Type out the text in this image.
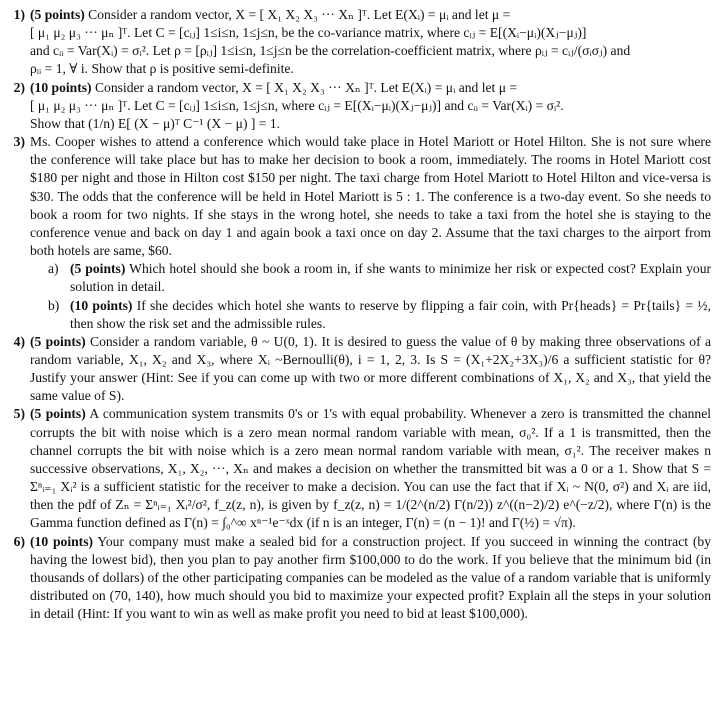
1) (5 points) Consider a random vector, X = [ X₁ X₂ X₃ ··· Xₙ ]ᵀ. Let E(Xᵢ) = μᵢ and let μ =

[ μ₁ μ₂ μ₃ ··· μₙ ]ᵀ. Let C = [cᵢⱼ] 1≤i≤n, 1≤j≤n, be the co-variance matrix, where cᵢⱼ = E[(Xᵢ−μᵢ)(Xⱼ−μⱼ)]

and cᵢᵢ = Var(Xᵢ) = σᵢ². Let ρ = [ρᵢⱼ] 1≤i≤n, 1≤j≤n be the correlation-coefficient matrix, where ρᵢⱼ = cᵢⱼ/(σᵢσⱼ) and

ρᵢᵢ = 1, ∀ i. Show that ρ is positive semi-definite.

2) (10 points) Consider a random vector, X = [ X₁ X₂ X₃ ··· Xₙ ]ᵀ. Let E(Xᵢ) = μᵢ and let μ =

[ μ₁ μ₂ μ₃ ··· μₙ ]ᵀ. Let C = [cᵢⱼ] 1≤i≤n, 1≤j≤n, where cᵢⱼ = E[(Xᵢ−μᵢ)(Xⱼ−μⱼ)] and cᵢᵢ = Var(Xᵢ) = σᵢ².

Show that (1/n) E[ (X − μ)ᵀ C⁻¹ (X − μ) ] = 1.

3) Ms. Cooper wishes to attend a conference which would take place in Hotel Mariott or Hotel Hilton. She is not sure where the conference will take place but has to make her decision to book a room, immediately. The rooms in Hotel Mariott cost $180 per night and those in Hilton cost $150 per night. The taxi charge from Hotel Mariott to Hotel Hilton and vice-versa is $30. The odds that the conference will be held in Hotel Mariott is 5 : 1. The conference is a two-day event. So she needs to book a room for two nights. If she stays in the wrong hotel, she needs to take a taxi from the hotel she is staying to the conference venue and back on day 1 and again book a taxi once on day 2. Assume that the taxi charges to the airport from both hotels are same, $60.

a) (5 points) Which hotel should she book a room in, if she wants to minimize her risk or expected cost? Explain your solution in detail.
b) (10 points) If she decides which hotel she wants to reserve by flipping a fair coin, with Pr{heads} = Pr{tails} = ½, then show the risk set and the admissible rules.
4) (5 points) Consider a random variable, θ ~ U(0, 1). It is desired to guess the value of θ by making three observations of a random variable, X₁, X₂ and X₃, where Xᵢ ~Bernoulli(θ), i = 1, 2, 3. Is S = (X₁+2X₂+3X₃)/6 a sufficient statistic for θ? Justify your answer (Hint: See if you can come up with two or more different combinations of X₁, X₂ and X₃, that yield the same value of S).

5) (5 points) A communication system transmits 0's or 1's with equal probability. Whenever a zero is transmitted the channel corrupts the bit with noise which is a zero mean normal random variable with mean, σ₀². If a 1 is transmitted, then the channel corrupts the bit with noise which is a zero mean normal random variable with mean, σ₁². The receiver makes n successive observations, X₁, X₂, ···, Xₙ and makes a decision on whether the transmitted bit was a 0 or a 1. Show that S = Σⁿᵢ₌₁ Xᵢ² is a sufficient statistic for the receiver to make a decision. You can use the fact that if Xᵢ ~ N(0, σ²) and Xᵢ are iid, then the pdf of Zₙ = Σⁿᵢ₌₁ Xᵢ²/σ², f_z(z, n), is given by f_z(z, n) = 1/(2^(n/2) Γ(n/2)) z^((n−2)/2) e^(−z/2), where Γ(n) is the Gamma function defined as Γ(n) = ∫₀^∞ xⁿ⁻¹e⁻ˣdx (if n is an integer, Γ(n) = (n − 1)! and Γ(½) = √π).

6) (10 points) Your company must make a sealed bid for a construction project. If you succeed in winning the contract (by having the lowest bid), then you plan to pay another firm $100,000 to do the work. If you believe that the minimum bid (in thousands of dollars) of the other participating companies can be modeled as the value of a random variable that is uniformly distributed on (70, 140), how much should you bid to maximize your expected profit? Explain all the steps in your solution in detail (Hint: If you want to win as well as make profit you need to bid at least $100,000).
